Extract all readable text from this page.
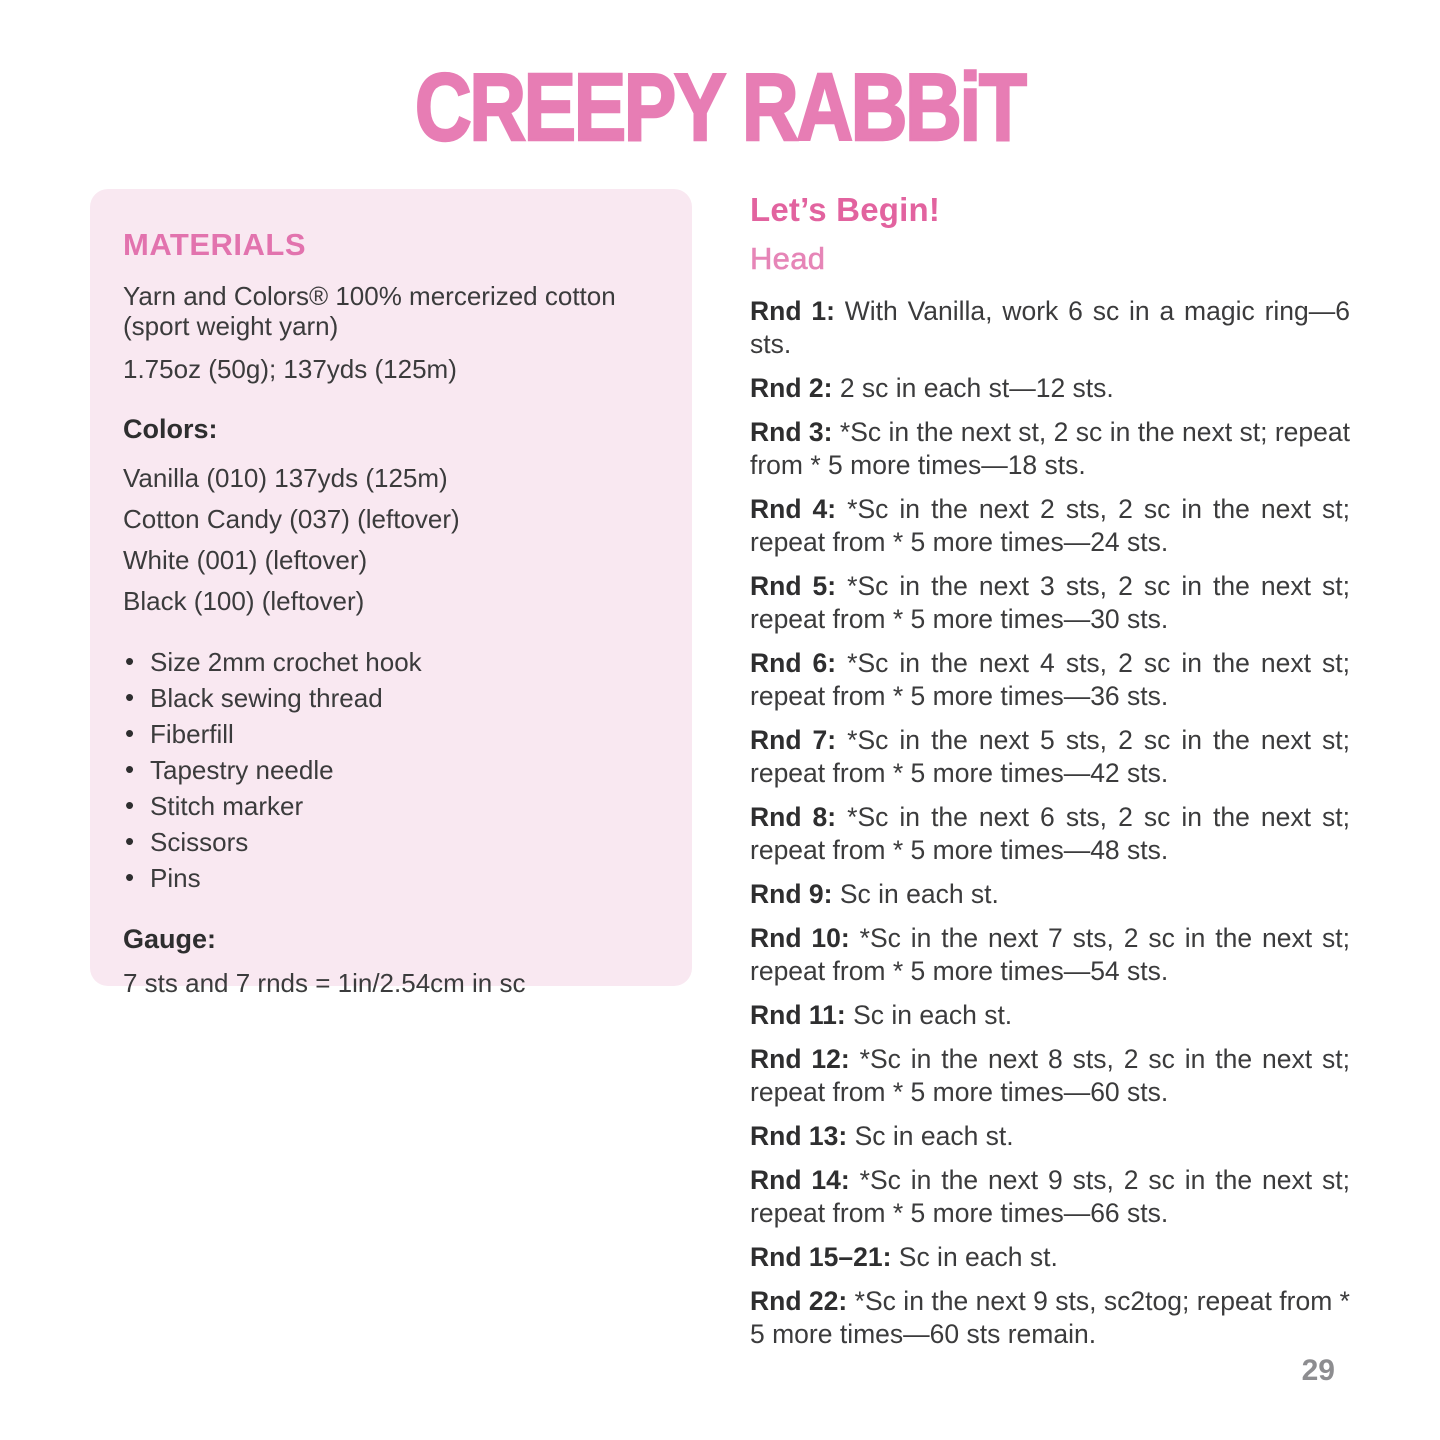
CREEPY RABBiT
MATERIALS

Yarn and Colors® 100% mercerized cotton (sport weight yarn)

1.75oz (50g); 137yds (125m)

Colors:
Vanilla (010) 137yds (125m)
Cotton Candy (037) (leftover)
White (001) (leftover)
Black (100) (leftover)
• Size 2mm crochet hook
• Black sewing thread
• Fiberfill
• Tapestry needle
• Stitch marker
• Scissors
• Pins
Gauge:

7 sts and 7 rnds = 1in/2.54cm in sc

Let’s Begin!
Head

Rnd 1: With Vanilla, work 6 sc in a magic ring—6 sts.

Rnd 2: 2 sc in each st—12 sts.

Rnd 3: *Sc in the next st, 2 sc in the next st; repeat from * 5 more times—18 sts.

Rnd 4: *Sc in the next 2 sts, 2 sc in the next st; repeat from * 5 more times—24 sts.

Rnd 5: *Sc in the next 3 sts, 2 sc in the next st; repeat from * 5 more times—30 sts.

Rnd 6: *Sc in the next 4 sts, 2 sc in the next st; repeat from * 5 more times—36 sts.

Rnd 7: *Sc in the next 5 sts, 2 sc in the next st; repeat from * 5 more times—42 sts.

Rnd 8: *Sc in the next 6 sts, 2 sc in the next st; repeat from * 5 more times—48 sts.

Rnd 9: Sc in each st.

Rnd 10: *Sc in the next 7 sts, 2 sc in the next st; repeat from * 5 more times—54 sts.

Rnd 11: Sc in each st.

Rnd 12: *Sc in the next 8 sts, 2 sc in the next st; repeat from * 5 more times—60 sts.

Rnd 13: Sc in each st.

Rnd 14: *Sc in the next 9 sts, 2 sc in the next st; repeat from * 5 more times—66 sts.

Rnd 15–21: Sc in each st.

Rnd 22: *Sc in the next 9 sts, sc2tog; repeat from * 5 more times—60 sts remain.

29
